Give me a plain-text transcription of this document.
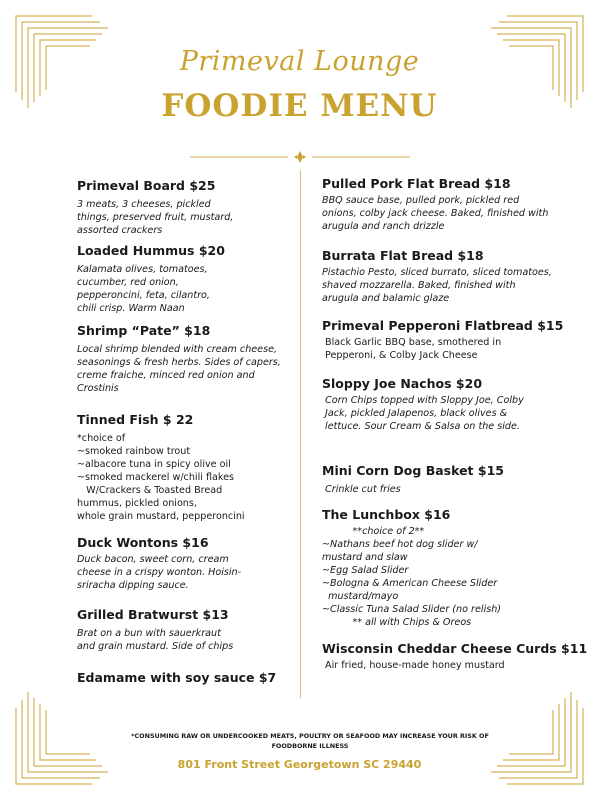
Primeval Lounge
FOODIE MENU
Primeval Board $25
3 meats, 3 cheeses, pickled
things, preserved fruit, mustard,
assorted crackers
Loaded Hummus $20
Kalamata olives, tomatoes,
cucumber, red onion,
pepperoncini, feta, cilantro,
chili crisp. Warm Naan
Shrimp “Pate” $18
Local shrimp blended with cream cheese,
seasonings & fresh herbs. Sides of capers,
creme fraiche, minced red onion and
Crostinis
Tinned Fish $ 22
*choice of
~smoked rainbow trout
~albacore tuna in spicy olive oil
~smoked mackerel w/chili flakes
W/Crackers & Toasted Bread
hummus, pickled onions,
whole grain mustard, pepperoncini
Duck Wontons $16
Duck bacon, sweet corn, cream
cheese in a crispy wonton. Hoisin-
sriracha dipping sauce.
Grilled Bratwurst $13
Brat on a bun with sauerkraut
and grain mustard. Side of chips
Edamame with soy sauce $7
Pulled Pork Flat Bread $18
BBQ sauce base, pulled pork, pickled red
onions, colby jack cheese. Baked, finished with
arugula and ranch drizzle
Burrata Flat Bread $18
Pistachio Pesto, sliced burrato, sliced tomatoes,
shaved mozzarella. Baked, finished with
arugula and balamic glaze
Primeval Pepperoni Flatbread $15
Black Garlic BBQ base, smothered in
Pepperoni, & Colby Jack Cheese
Sloppy Joe Nachos $20
Corn Chips topped with Sloppy Joe, Colby
Jack, pickled Jalapenos, black olives &
lettuce. Sour Cream & Salsa on the side.
Mini Corn Dog Basket $15
Crinkle cut fries
The Lunchbox $16
**choice of 2**
~Nathans beef hot dog slider w/
mustard and slaw
~Egg Salad Slider
~Bologna & American Cheese Slider
mustard/mayo
~Classic Tuna Salad Slider (no relish)
** all with Chips & Oreos
Wisconsin Cheddar Cheese Curds $11
Air fried, house-made honey mustard
*CONSUMING RAW OR UNDERCOOKED MEATS, POULTRY OR SEAFOOD MAY INCREASE YOUR RISK OF FOODBORNE ILLNESS
801 Front Street Georgetown SC 29440
